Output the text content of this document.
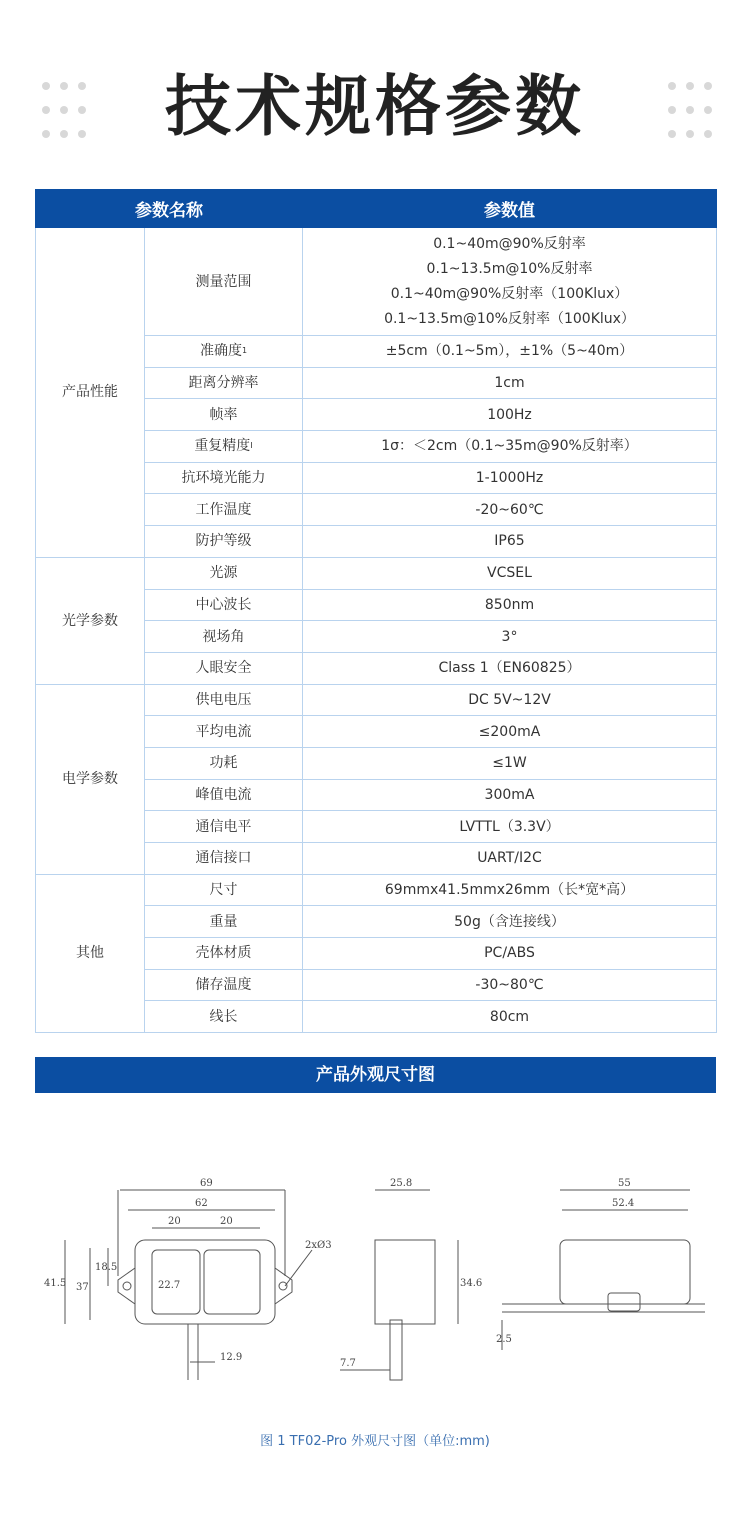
技术规格参数
参数名称		参数值
产品性能	测量范围	0.1~40m@90%反射率
0.1~13.5m@10%反射率
0.1~40m@90%反射率（100Klux）
0.1~13.5m@10%反射率（100Klux）

	准确度$^1$	±5cm（0.1~5m），±1%（5~40m）

	距离分辨率	1cm

	帧率	100Hz

	重复精度$^I$	1σ：＜2cm（0.1~35m@90%反射率）

	抗环境光能力	1-1000Hz

	工作温度	-20~60℃

	防护等级	IP65

光学参数	光源	VCSEL

	中心波长	850nm

	视场角	3°

	人眼安全	Class 1（EN60825）

电学参数	供电电压	DC 5V~12V

	平均电流	≤200mA

	功耗	≤1W

	峰值电流	300mA

	通信电平	LVTTL（3.3V）

	通信接口	UART/I2C

其他	尺寸	69mmx41.5mmx26mm（长*宽*高）

	重量	50g（含连接线）

	壳体材质	PC/ABS

	储存温度	-30~80℃

	线长	80cm
产品外观尺寸图
69
62
20	20
41.5 37
18.5
22.7
2xØ3
12.9
25.8
34.6
7.7
55
52.4
2.5
图 1 TF02-Pro 外观尺寸图（单位:mm)
